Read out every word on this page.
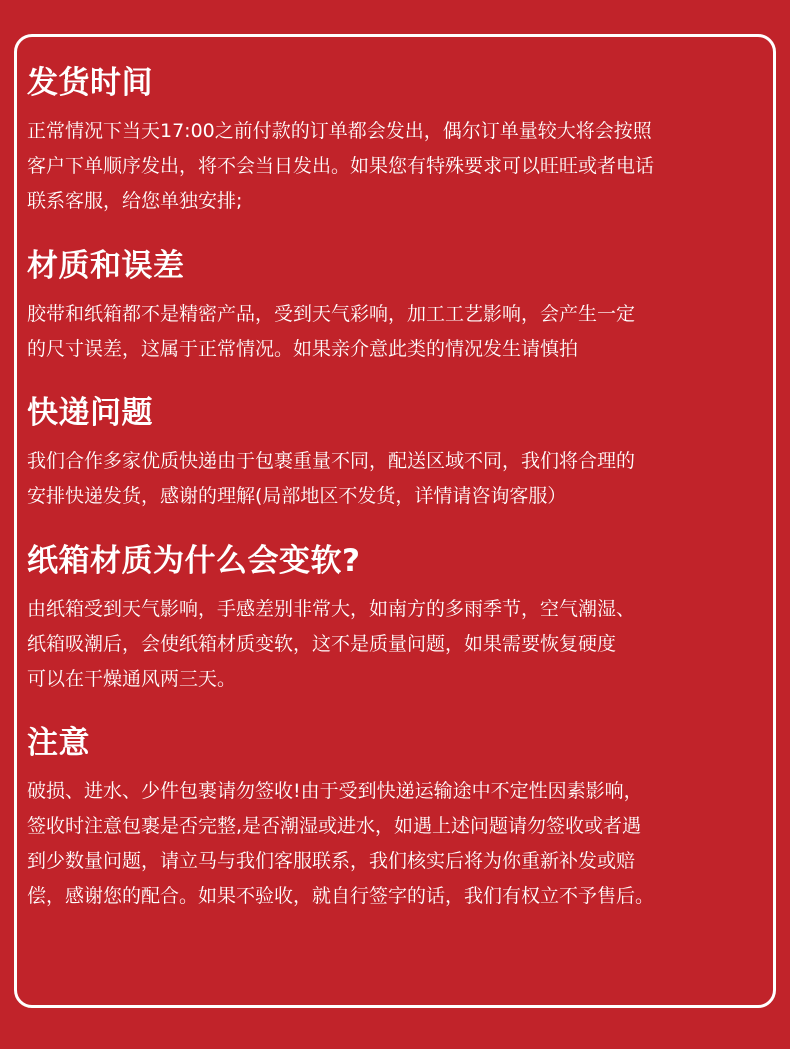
发货时间
正常情况下当天17:00之前付款的订单都会发出，偶尔订单量较大将会按照
客户下单顺序发出，将不会当日发出。如果您有特殊要求可以旺旺或者电话
联系客服，给您单独安排;
材质和误差
胶带和纸箱都不是精密产品，受到天气彩响，加工工艺影响，会产生一定
的尺寸误差，这属于正常情况。如果亲介意此类的情况发生请慎拍
快递问题
我们合作多家优质快递由于包裹重量不同，配送区域不同，我们将合理的
安排快递发货，感谢的理解(局部地区不发货，详情请咨询客服）
纸箱材质为什么会变软?
由纸箱受到天气影响，手感差别非常大，如南方的多雨季节，空气潮湿、
纸箱吸潮后，会使纸箱材质变软，这不是质量问题，如果需要恢复硬度
可以在干燥通风两三天。
注意
破损、进水、少件包裹请勿签收!由于受到快递运输途中不定性因素影响，
签收时注意包裹是否完整,是否潮湿或进水，如遇上述问题请勿签收或者遇
到少数量问题，请立马与我们客服联系，我们核实后将为你重新补发或赔
偿，感谢您的配合。如果不验收，就自行签字的话，我们有权立不予售后。
